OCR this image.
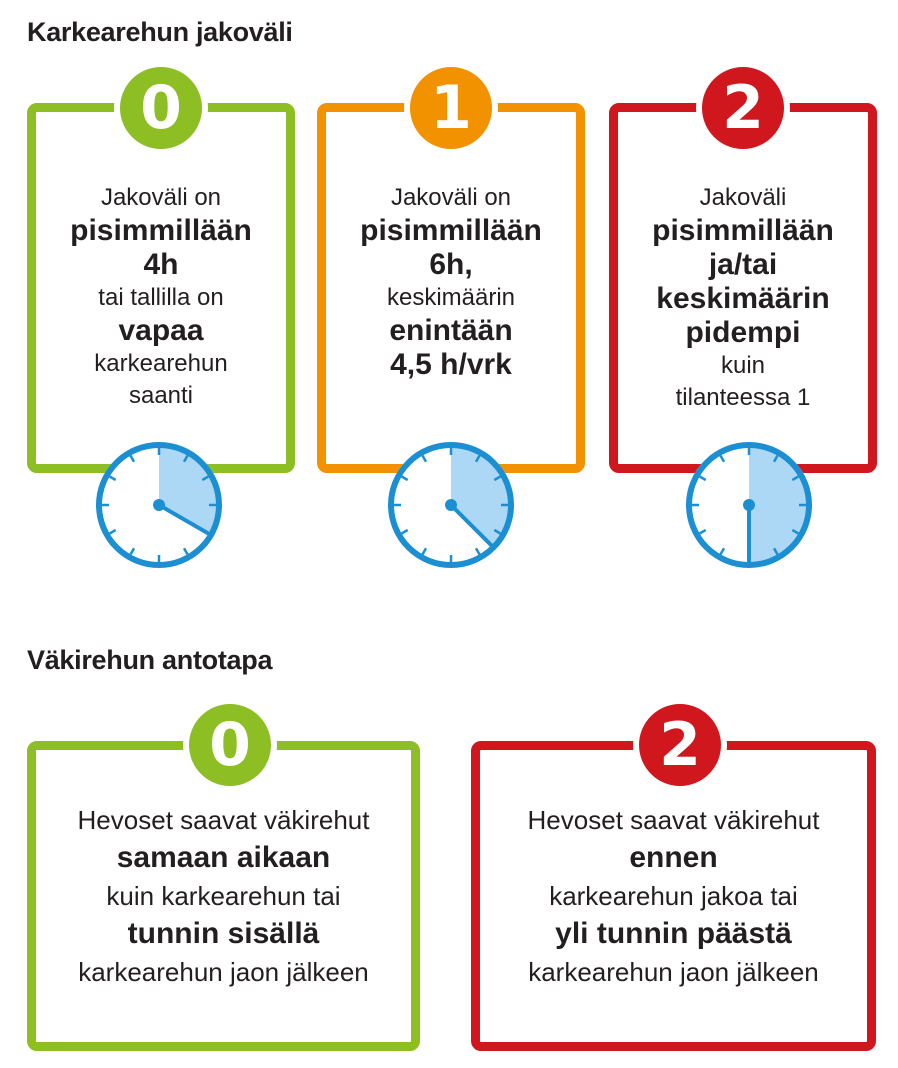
Karkearehun jakoväli
Jakoväli on
pisimmillään
4h
tai tallilla on
vapaa
karkearehun
saanti
0
Jakoväli on
pisimmillään
6h,
keskimäärin
enintään
4,5 h/vrk
1
Jakoväli
pisimmillään
ja/tai
keskimäärin
pidempi
kuin
tilanteessa 1
2
Väkirehun antotapa
Hevoset saavat väkirehut
samaan aikaan
kuin karkearehun tai
tunnin sisällä
karkearehun jaon jälkeen
0
Hevoset saavat väkirehut
ennen
karkearehun jakoa tai
yli tunnin päästä
karkearehun jaon jälkeen
2
